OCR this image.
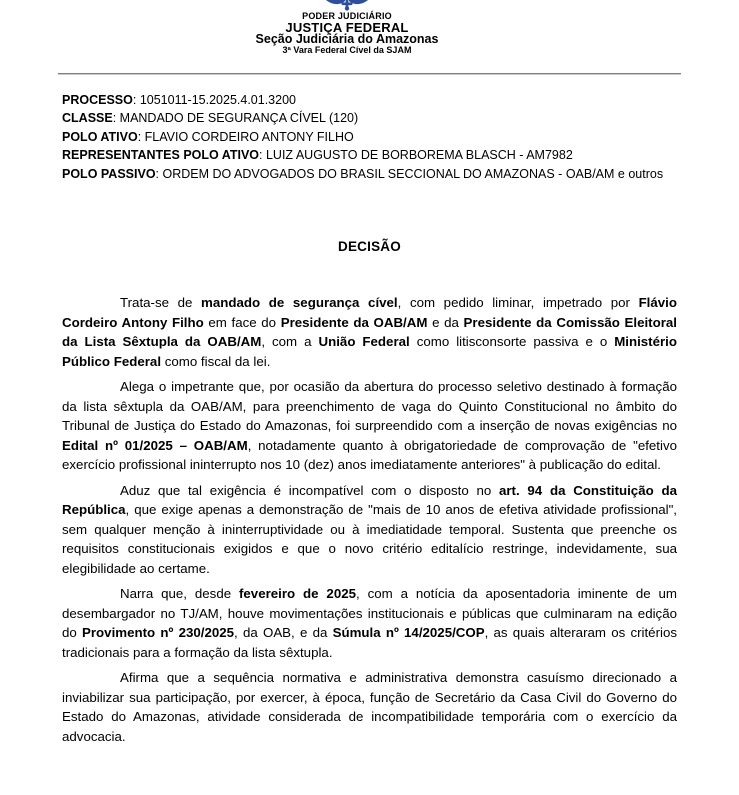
PODER JUDICIÁRIO
JUSTIÇA FEDERAL
Seção Judiciária do Amazonas
3ª Vara Federal Cível da SJAM
PROCESSO: 1051011-15.2025.4.01.3200
CLASSE: MANDADO DE SEGURANÇA CÍVEL (120)
POLO ATIVO: FLAVIO CORDEIRO ANTONY FILHO
REPRESENTANTES POLO ATIVO: LUIZ AUGUSTO DE BORBOREMA BLASCH - AM7982
POLO PASSIVO: ORDEM DO ADVOGADOS DO BRASIL SECCIONAL DO AMAZONAS - OAB/AM e outros
DECISÃO

Trata-se de mandado de segurança cível, com pedido liminar, impetrado por Flávio Cordeiro Antony Filho em face do Presidente da OAB/AM e da Presidente da Comissão Eleitoral da Lista Sêxtupla da OAB/AM, com a União Federal como litisconsorte passiva e o Ministério Público Federal como fiscal da lei.

Alega o impetrante que, por ocasião da abertura do processo seletivo destinado à formação da lista sêxtupla da OAB/AM, para preenchimento de vaga do Quinto Constitucional no âmbito do Tribunal de Justiça do Estado do Amazonas, foi surpreendido com a inserção de novas exigências no Edital nº 01/2025 – OAB/AM, notadamente quanto à obrigatoriedade de comprovação de "efetivo exercício profissional ininterrupto nos 10 (dez) anos imediatamente anteriores" à publicação do edital.

Aduz que tal exigência é incompatível com o disposto no art. 94 da Constituição da República, que exige apenas a demonstração de "mais de 10 anos de efetiva atividade profissional", sem qualquer menção à ininterruptividade ou à imediatidade temporal. Sustenta que preenche os requisitos constitucionais exigidos e que o novo critério editalício restringe, indevidamente, sua elegibilidade ao certame.

Narra que, desde fevereiro de 2025, com a notícia da aposentadoria iminente de um desembargador no TJ/AM, houve movimentações institucionais e públicas que culminaram na edição do Provimento nº 230/2025, da OAB, e da Súmula nº 14/2025/COP, as quais alteraram os critérios tradicionais para a formação da lista sêxtupla.

Afirma que a sequência normativa e administrativa demonstra casuísmo direcionado a inviabilizar sua participação, por exercer, à época, função de Secretário da Casa Civil do Governo do Estado do Amazonas, atividade considerada de incompatibilidade temporária com o exercício da advocacia.
